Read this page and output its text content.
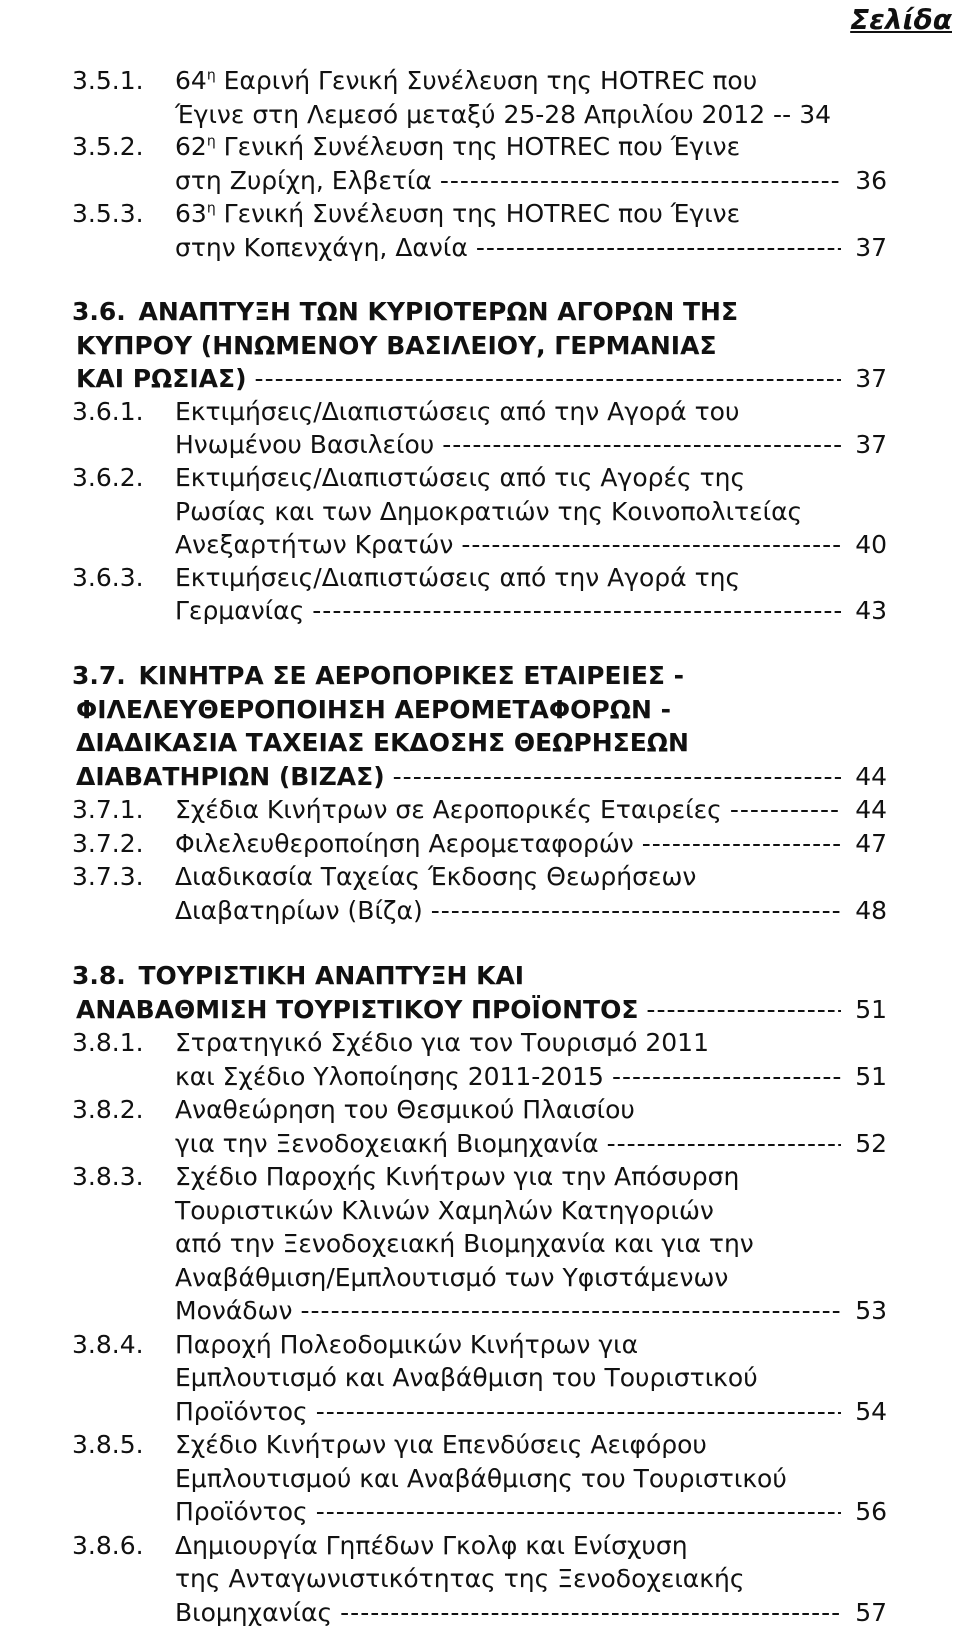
Σελίδα
3.5.1. $64^\eta$ Εαρινή Γενική Συνέλευση της HOTREC που
Έγινε στη Λεμεσό μεταξύ 25-28 Απριλίου 2012 -- 34
3.5.2. $62^\eta$ Γενική Συνέλευση της HOTREC που Έγινε
στη Ζυρίχη, Ελβετία -----	36
3.5.3. $63^\eta$ Γενική Συνέλευση της HOTREC που Έγινε
στην Κοπενχάγη, Δανία -----	37
3.6. ΑΝΑΠΤΥΞΗ ΤΩΝ ΚΥΡΙΟΤΕΡΩΝ ΑΓΟΡΩΝ ΤΗΣ
ΚΥΠΡΟΥ (ΗΝΩΜΕΝΟΥ ΒΑΣΙΛΕΙΟΥ, ΓΕΡΜΑΝΙΑΣ
ΚΑΙ ΡΩΣΙΑΣ) -----	37
3.6.1. Εκτιμήσεις/Διαπιστώσεις από την Αγορά του
Ηνωμένου Βασιλείου -----	37
3.6.2. Εκτιμήσεις/Διαπιστώσεις από τις Αγορές της
Ρωσίας και των Δημοκρατιών της Κοινοπολιτείας
Ανεξαρτήτων Κρατών -----	40
3.6.3. Εκτιμήσεις/Διαπιστώσεις από την Αγορά της
Γερμανίας -----	43
3.7. ΚΙΝΗΤΡΑ ΣΕ ΑΕΡΟΠΟΡΙΚΕΣ ΕΤΑΙΡΕΙΕΣ -
ΦΙΛΕΛΕΥΘΕΡΟΠΟΙΗΣΗ ΑΕΡΟΜΕΤΑΦΟΡΩΝ -
ΔΙΑΔΙΚΑΣΙΑ ΤΑΧΕΙΑΣ ΕΚΔΟΣΗΣ ΘΕΩΡΗΣΕΩΝ
ΔΙΑΒΑΤΗΡΙΩΝ (ΒΙΖΑΣ) -----	44
3.7.1. Σχέδια Κινήτρων σε Αεροπορικές Εταιρείες -----	44
3.7.2. Φιλελευθεροποίηση Αερομεταφορών -----	47
3.7.3. Διαδικασία Ταχείας Έκδοσης Θεωρήσεων
Διαβατηρίων (Βίζα) -----	48
3.8. ΤΟΥΡΙΣΤΙΚΗ ΑΝΑΠΤΥΞΗ ΚΑΙ
ΑΝΑΒΑΘΜΙΣΗ ΤΟΥΡΙΣΤΙΚΟΥ ΠΡΟΪΟΝΤΟΣ -----	51
3.8.1. Στρατηγικό Σχέδιο για τον Τουρισμό 2011
και Σχέδιο Υλοποίησης 2011-2015 -----	51
3.8.2. Αναθεώρηση του Θεσμικού Πλαισίου
για την Ξενοδοχειακή Βιομηχανία -----	52
3.8.3. Σχέδιο Παροχής Κινήτρων για την Απόσυρση
Τουριστικών Κλινών Χαμηλών Κατηγοριών
από την Ξενοδοχειακή Βιομηχανία και για την
Αναβάθμιση/Εμπλουτισμό των Υφιστάμενων
Μονάδων -----	53
3.8.4. Παροχή Πολεοδομικών Κινήτρων για
Εμπλουτισμό και Αναβάθμιση του Τουριστικού
Προϊόντος -----	54
3.8.5. Σχέδιο Κινήτρων για Επενδύσεις Αειφόρου
Εμπλουτισμού και Αναβάθμισης του Τουριστικού
Προϊόντος -----	56
3.8.6. Δημιουργία Γηπέδων Γκολφ και Ενίσχυση
της Ανταγωνιστικότητας της Ξενοδοχειακής
Βιομηχανίας -----	57
